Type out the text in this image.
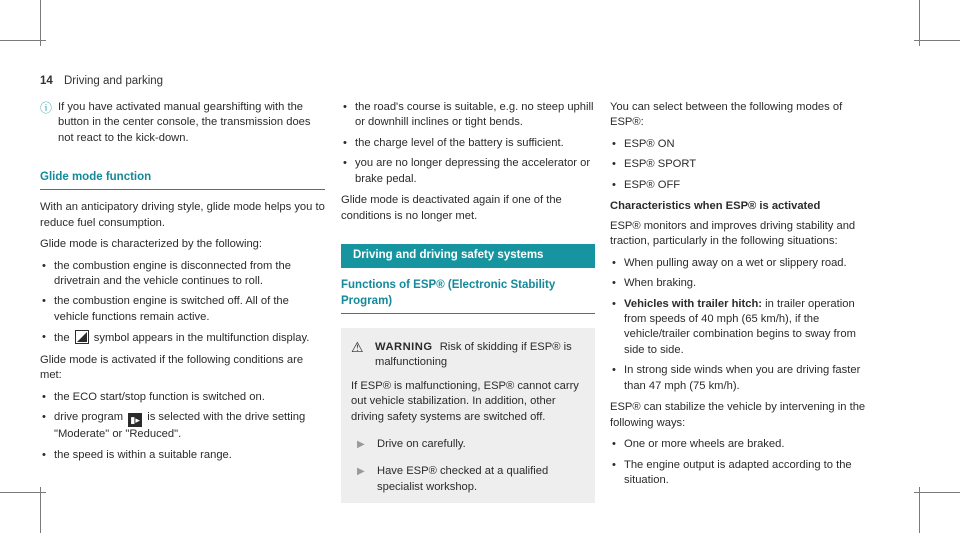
14 Driving and parking
ⓘ If you have activated manual gearshifting with the button in the center console, the transmission does not react to the kick-down.
Glide mode function

With an anticipatory driving style, glide mode helps you to reduce fuel consumption.

Glide mode is characterized by the following:

• the combustion engine is disconnected from the drivetrain and the vehicle continues to roll.
• the combustion engine is switched off. All of the vehicle functions remain active.
• the symbol appears in the multifunction display.

Glide mode is activated if the following conditions are met:

• the ECO start/stop function is switched on.
• drive program ▮▸ is selected with the drive setting "Moderate" or "Reduced".
• the speed is within a suitable range.
• the road's course is suitable, e.g. no steep uphill or downhill inclines or tight bends.
• the charge level of the battery is sufficient.
• you are no longer depressing the accelerator or brake pedal.

Glide mode is deactivated again if one of the conditions is no longer met.

Driving and driving safety systems
Functions of ESP® (Electronic Stability Program)
⚠	WARNING Risk of skidding if ESP® is malfunctioning

If ESP® is malfunctioning, ESP® cannot carry out vehicle stabilization. In addition, other driving safety systems are switched off.

▶ Drive on carefully.
▶ Have ESP® checked at a qualified specialist workshop.

You can select between the following modes of ESP®:

• ESP® ON
• ESP® SPORT
• ESP® OFF
Characteristics when ESP® is activated

ESP® monitors and improves driving stability and traction, particularly in the following situations:

• When pulling away on a wet or slippery road.
• When braking.
• Vehicles with trailer hitch: in trailer operation from speeds of 40 mph (65 km/h), if the vehicle/trailer combination begins to sway from side to side.
• In strong side winds when you are driving faster than 47 mph (75 km/h).

ESP® can stabilize the vehicle by intervening in the following ways:

• One or more wheels are braked.
• The engine output is adapted according to the situation.
